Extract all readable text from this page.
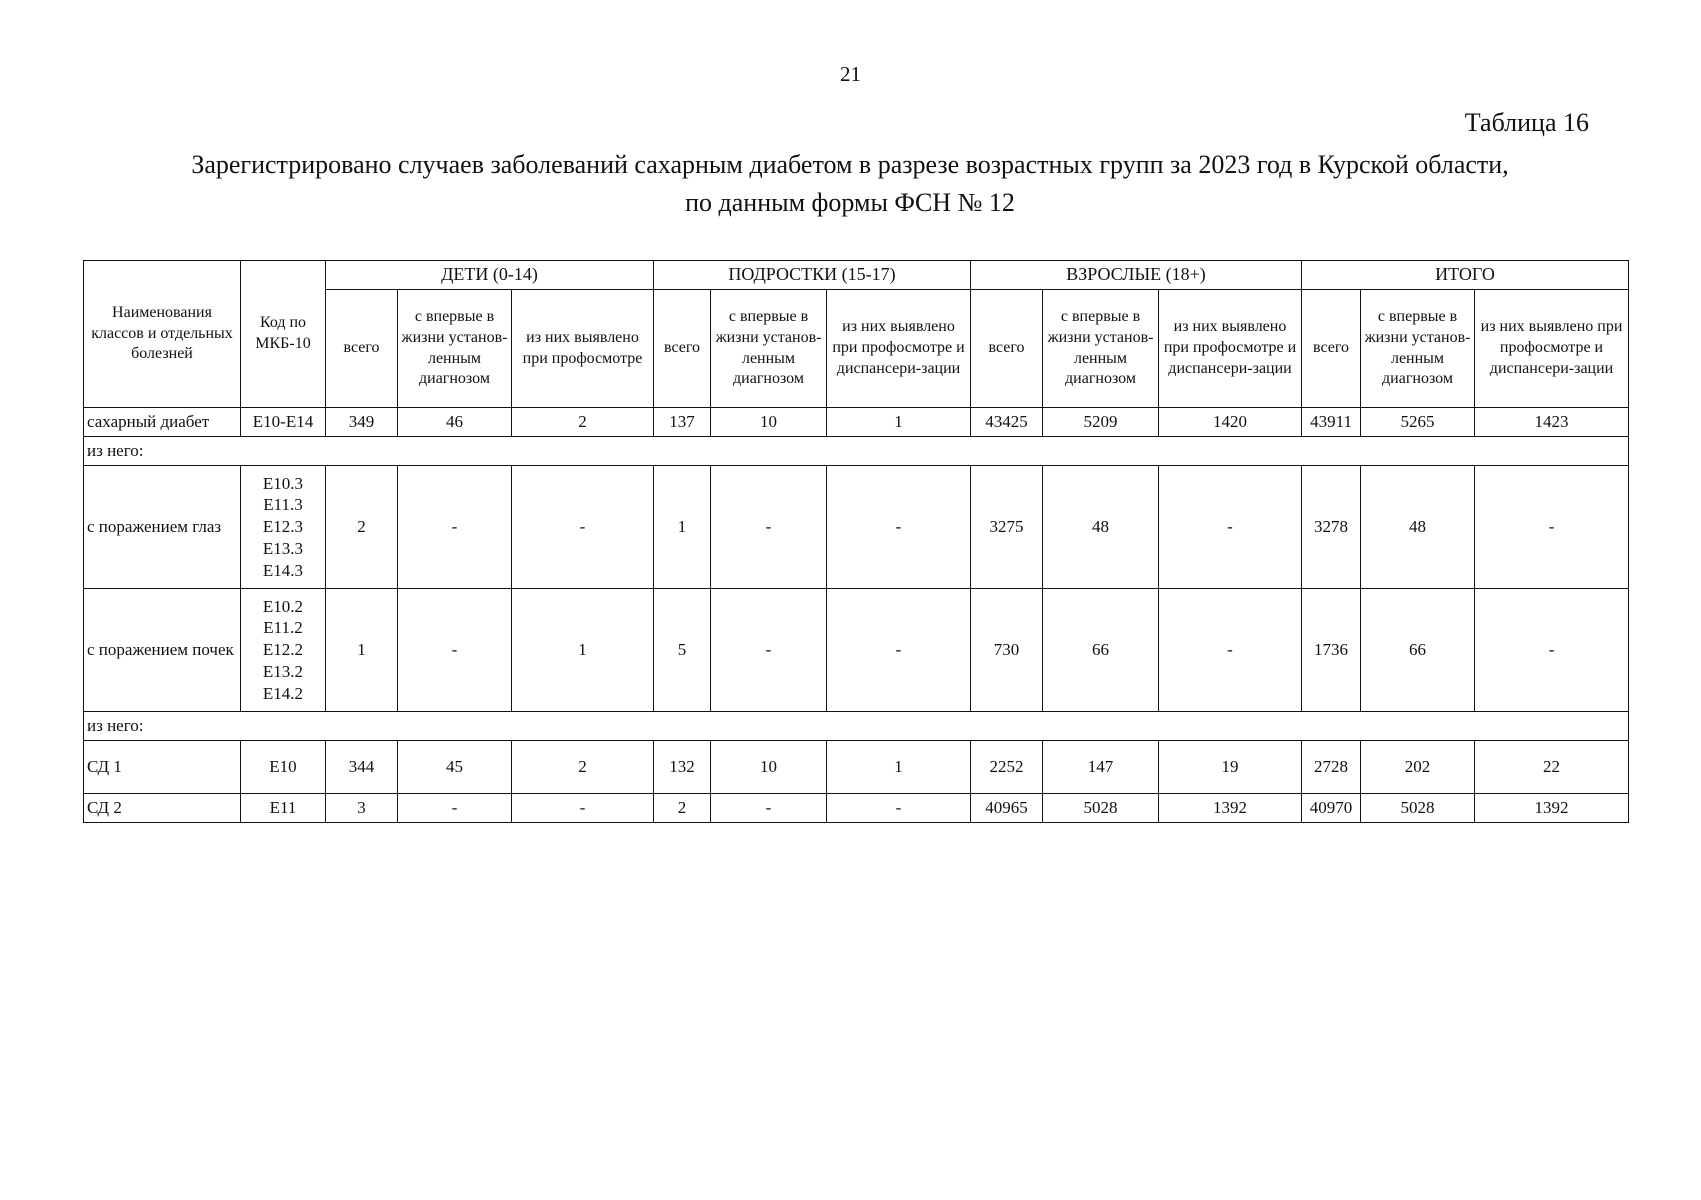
21
Таблица 16
Зарегистрировано случаев заболеваний сахарным диабетом в разрезе возрастных групп за 2023 год в Курской области,
по данным формы ФСН № 12
Наименования классов и отдельных болезней	Код по МКБ-10	ДЕТИ (0-14)			ПОДРОСТКИ (15-17)			ВЗРОСЛЫЕ (18+)			ИТОГО		
		всего	с впервые в жизни установ-ленным диагнозом	из них выявлено при профосмотре	всего	с впервые в жизни установ-ленным диагнозом	из них выявлено при профосмотре и диспансери-зации	всего	с впервые в жизни установ-ленным диагнозом	из них выявлено при профосмотре и диспансери-зации	всего	с впервые в жизни установ-ленным диагнозом	из них выявлено при профосмотре и диспансери-зации
сахарный диабет	Е10-Е14	349	46	2	137	10	1	43425	5209	1420	43911	5265	1423
из него:													
с поражением глаз	Е10.3
Е11.3
Е12.3
Е13.3
Е14.3	2	-	-	1	-	-	3275	48	-	3278	48	-
с поражением почек	Е10.2
Е11.2
Е12.2
Е13.2
Е14.2	1	-	1	5	-	-	730	66	-	1736	66	-
из него:													
СД 1	Е10	344	45	2	132	10	1	2252	147	19	2728	202	22
СД 2	Е11	3	-	-	2	-	-	40965	5028	1392	40970	5028	1392
